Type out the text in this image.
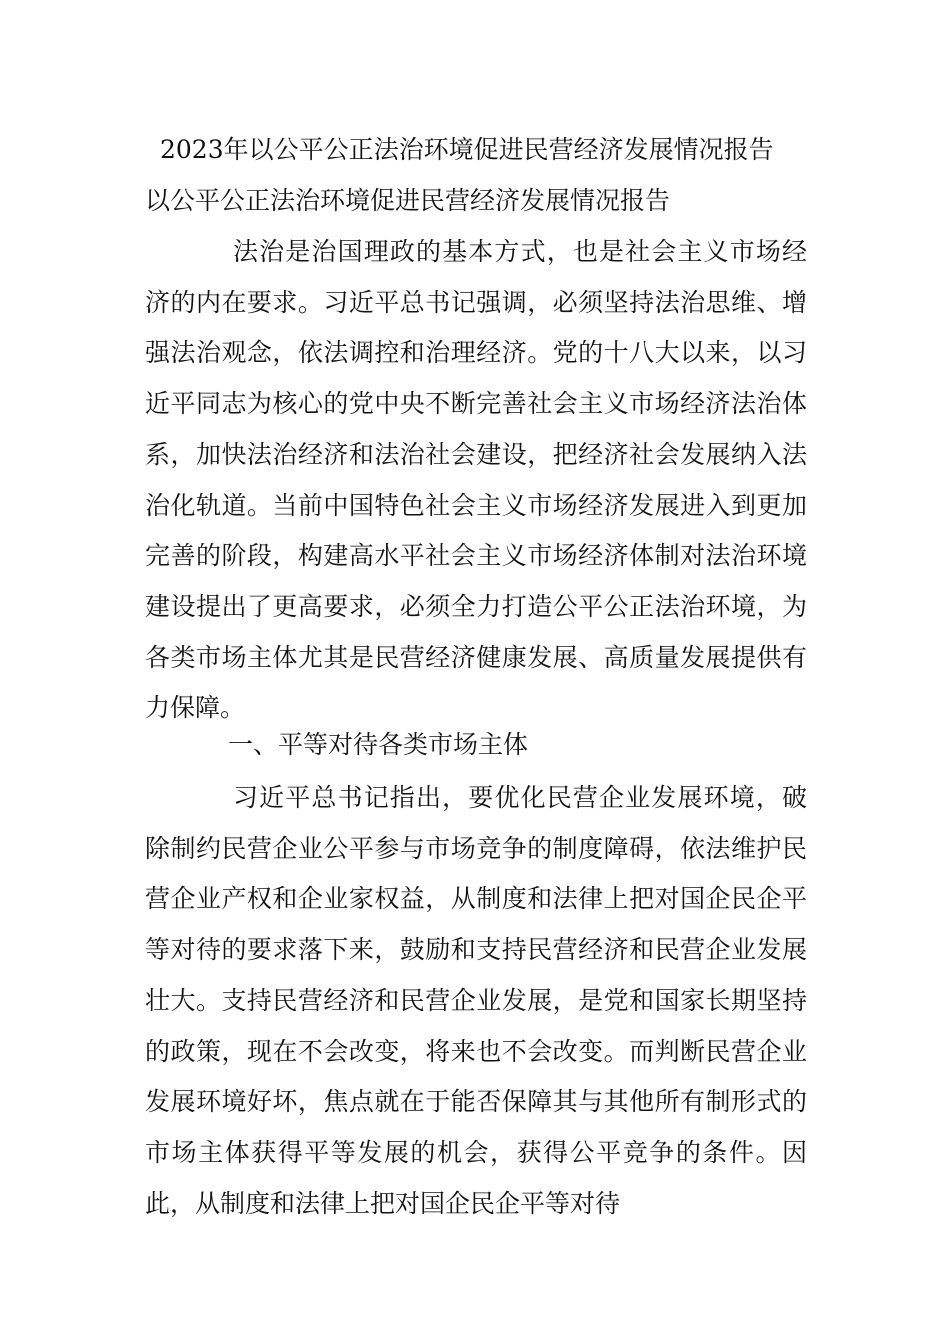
2023年以公平公正法治环境促进民营经济发展情况报告
以公平公正法治环境促进民营经济发展情况报告
法治是治国理政的基本方式，也是社会主义市场经济的内在要求。习近平总书记强调，必须坚持法治思维、增强法治观念，依法调控和治理经济。党的十八大以来，以习近平同志为核心的党中央不断完善社会主义市场经济法治体系，加快法治经济和法治社会建设，把经济社会发展纳入法治化轨道。当前中国特色社会主义市场经济发展进入到更加完善的阶段，构建高水平社会主义市场经济体制对法治环境建设提出了更高要求，必须全力打造公平公正法治环境，为各类市场主体尤其是民营经济健康发展、高质量发展提供有力保障。
一、平等对待各类市场主体
习近平总书记指出，要优化民营企业发展环境，破除制约民营企业公平参与市场竞争的制度障碍，依法维护民营企业产权和企业家权益，从制度和法律上把对国企民企平等对待的要求落下来，鼓励和支持民营经济和民营企业发展壮大。支持民营经济和民营企业发展，是党和国家长期坚持的政策，现在不会改变，将来也不会改变。而判断民营企业发展环境好坏，焦点就在于能否保障其与其他所有制形式的市场主体获得平等发展的机会，获得公平竞争的条件。因此，从制度和法律上把对国企民企平等对待
